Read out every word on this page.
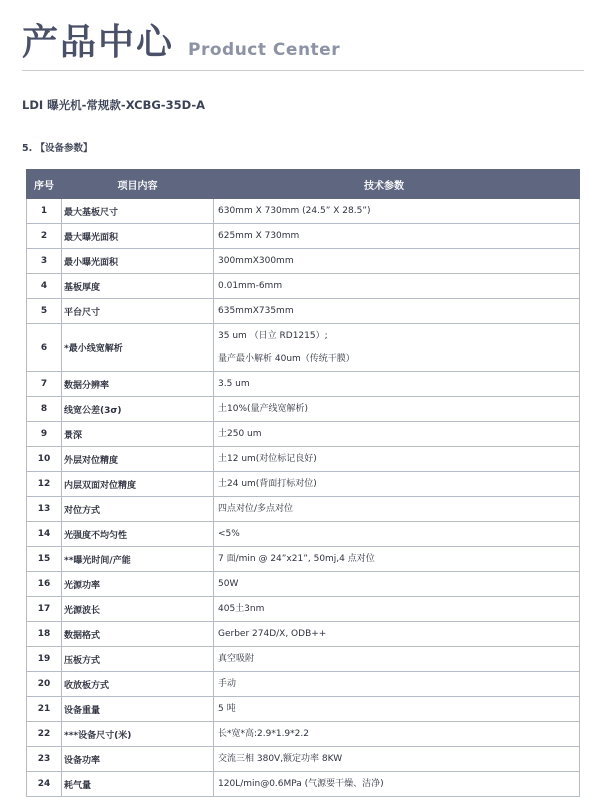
产品中心 Product Center
LDI 曝光机-常规款-XCBG-35D-A
5. 【设备参数】
序号	项目内容	技术参数
1	最大基板尺寸	630mm X 730mm (24.5” X 28.5”)

2	最大曝光面积	625mm X 730mm

3	最小曝光面积	300mmX300mm

4	基板厚度	0.01mm-6mm

5	平台尺寸	635mmX735mm

6	*最小线宽解析	35 um （日立 RD1215）;
量产最小解析 40um（传统干膜）

7	数据分辨率	3.5 um

8	线宽公差(3σ)	土10%(量产线宽解析)

9	景深	土250 um

10	外层对位精度	土12 um(对位标记良好)

12	内层双面对位精度	土24 um(背面打标对位)

13	对位方式	四点对位/多点对位

14	光强度不均匀性	<5%

15	**曝光时间/产能	7 面/min @ 24”x21”, 50mj,4 点对位

16	光源功率	50W

17	光源波长	405土3nm

18	数据格式	Gerber 274D/X, ODB++

19	压板方式	真空吸附

20	收放板方式	手动

21	设备重量	5 吨

22	***设备尺寸(米)	长*宽*高:2.9*1.9*2.2

23	设备功率	交流三相 380V,额定功率 8KW

24	耗气量	120L/min@0.6MPa (气源要干燥、洁净)
